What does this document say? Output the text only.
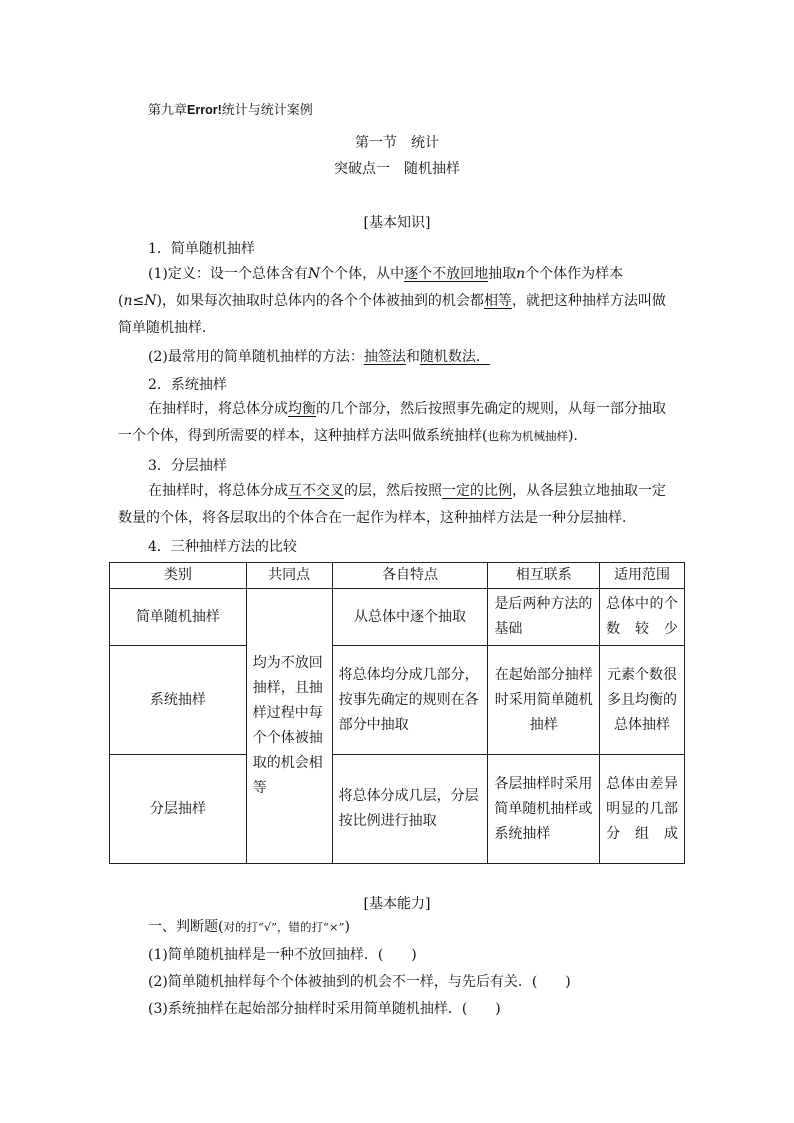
第九章Error!统计与统计案例
第一节　统计
突破点一　随机抽样
[基本知识]
1．简单随机抽样
(1)定义：设一个总体含有N个个体，从中逐个不放回地抽取n个个体作为样本(n≤N)，如果每次抽取时总体内的各个个体被抽到的机会都相等，就把这种抽样方法叫做简单随机抽样．
(2)最常用的简单随机抽样的方法：抽签法和随机数法．
2．系统抽样
在抽样时，将总体分成均衡的几个部分，然后按照事先确定的规则，从每一部分抽取一个个体，得到所需要的样本，这种抽样方法叫做系统抽样(也称为机械抽样).
3．分层抽样
在抽样时，将总体分成互不交叉的层，然后按照一定的比例，从各层独立地抽取一定数量的个体，将各层取出的个体合在一起作为样本，这种抽样方法是一种分层抽样．
4．三种抽样方法的比较
类别	共同点	各自特点	相互联系	适用范围
简单随机抽样	均为不放回抽样，且抽样过程中每个个体被抽取的机会相等	从总体中逐个抽取	是后两种方法的基础	总体中的个数较少
系统抽样		将总体均分成几部分，按事先确定的规则在各部分中抽取	在起始部分抽样时采用简单随机抽样	元素个数很多且均衡的总体抽样
分层抽样		将总体分成几层，分层按比例进行抽取	各层抽样时采用简单随机抽样或系统抽样	总体由差异明显的几部分组成
[基本能力]
一、判断题(对的打“√”，错的打“×”)
(1)简单随机抽样是一种不放回抽样．(　　)
(2)简单随机抽样每个个体被抽到的机会不一样，与先后有关．(　　)
(3)系统抽样在起始部分抽样时采用简单随机抽样．(　　)
